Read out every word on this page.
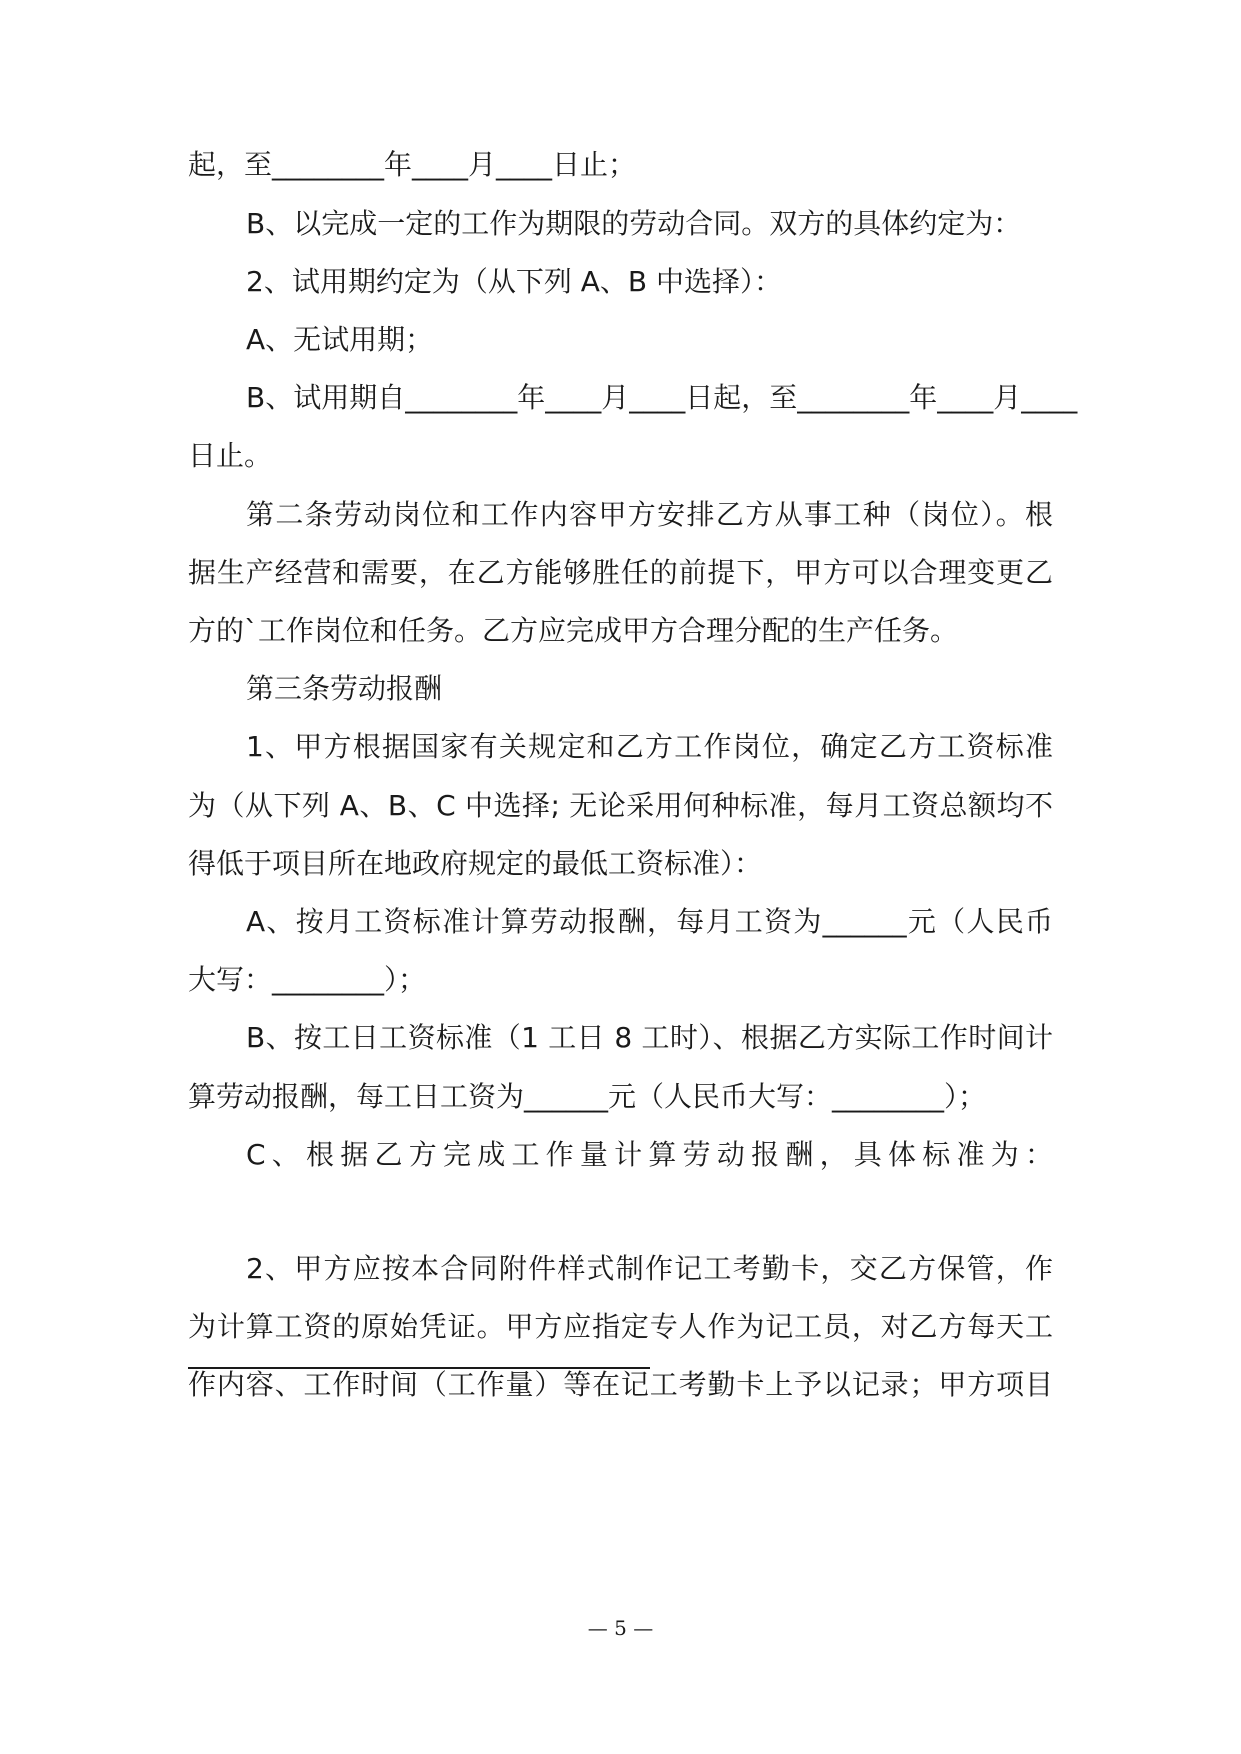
起，至________年____月____日止；
B、以完成一定的工作为期限的劳动合同。双方的具体约定为：
2、试用期约定为（从下列 A、B 中选择）：
A、无试用期；
B、试用期自________年____月____日起，至________年____月____
日止。
第二条劳动岗位和工作内容甲方安排乙方从事工种（岗位）。根
据生产经营和需要，在乙方能够胜任的前提下，甲方可以合理变更乙
方的`工作岗位和任务。乙方应完成甲方合理分配的生产任务。
第三条劳动报酬
1、甲方根据国家有关规定和乙方工作岗位，确定乙方工资标准
为（从下列 A、B、C 中选择; 无论采用何种标准，每月工资总额均不
得低于项目所在地政府规定的最低工资标准）：
A、按月工资标准计算劳动报酬，每月工资为______元（人民币
大写：________）；
B、按工日工资标准（1 工日 8 工时）、根据乙方实际工作时间计
算劳动报酬，每工日工资为______元（人民币大写：________）；
C、根据乙方完成工作量计算劳动报酬，具体标准为：
2、甲方应按本合同附件样式制作记工考勤卡，交乙方保管，作
为计算工资的原始凭证。甲方应指定专人作为记工员，对乙方每天工
作内容、工作时间（工作量）等在记工考勤卡上予以记录；甲方项目
— 5 —
